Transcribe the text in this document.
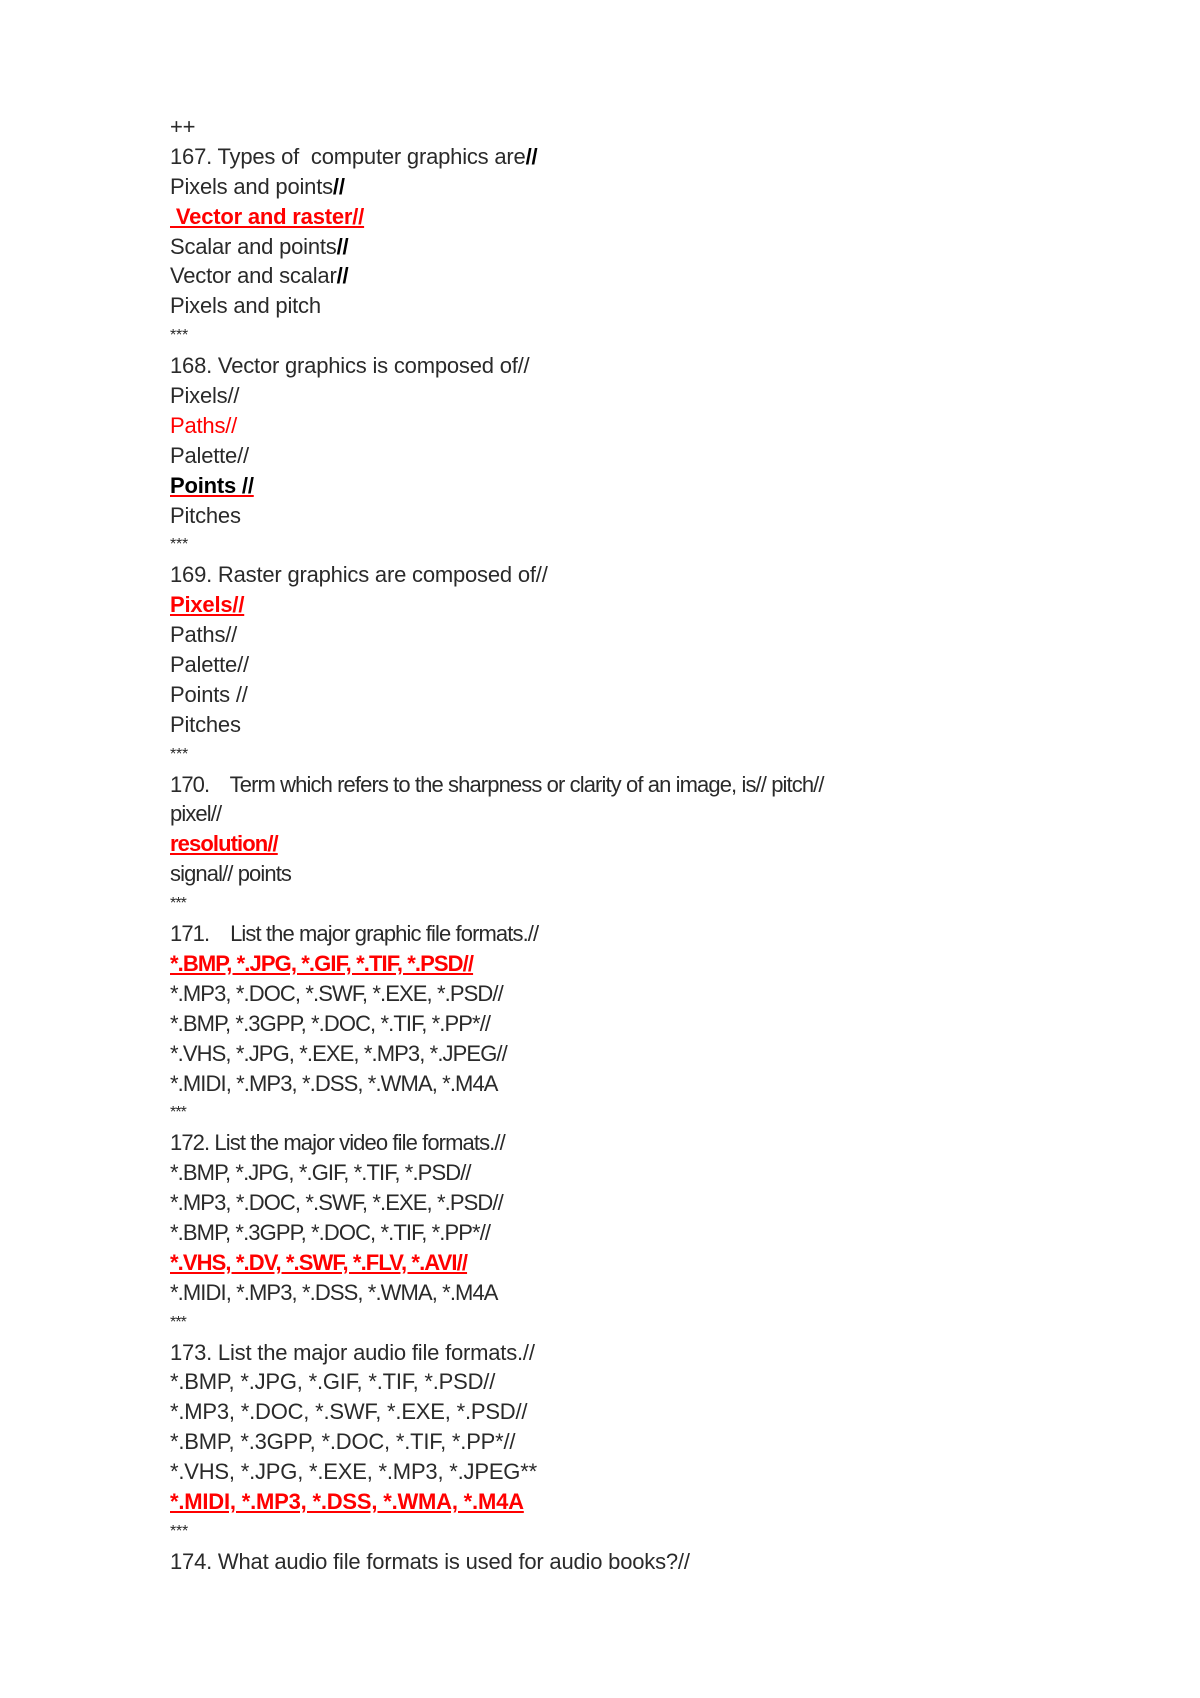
++
167. Types of  computer graphics are//
Pixels and points//
Vector and raster//
Scalar and points//
Vector and scalar//
Pixels and pitch
***
168. Vector graphics is composed of//
Pixels//
Paths//
Palette//
Points //
Pitches
***
169. Raster graphics are composed of//
Pixels//
Paths//
Palette//
Points //
Pitches
***
170.    Term which refers to the sharpness or clarity of an image, is// pitch//
pixel//
resolution//
signal// points
***
171.    List the major graphic file formats.//
*.BMP, *.JPG, *.GIF, *.TIF, *.PSD//
*.MP3, *.DOC, *.SWF, *.EXE, *.PSD//
*.BMP, *.3GPP, *.DOC, *.TIF, *.PP*//
*.VHS, *.JPG, *.EXE, *.MP3, *.JPEG//
*.MIDI, *.MP3, *.DSS, *.WMA, *.M4A
***
172. List the major video file formats.//
*.BMP, *.JPG, *.GIF, *.TIF, *.PSD//
*.MP3, *.DOC, *.SWF, *.EXE, *.PSD//
*.BMP, *.3GPP, *.DOC, *.TIF, *.PP*//
*.VHS, *.DV, *.SWF, *.FLV, *.AVI//
*.MIDI, *.MP3, *.DSS, *.WMA, *.M4A
***
173. List the major audio file formats.//
*.BMP, *.JPG, *.GIF, *.TIF, *.PSD//
*.MP3, *.DOC, *.SWF, *.EXE, *.PSD//
*.BMP, *.3GPP, *.DOC, *.TIF, *.PP*//
*.VHS, *.JPG, *.EXE, *.MP3, *.JPEG**
*.MIDI, *.MP3, *.DSS, *.WMA, *.M4A
***
174. What audio file formats is used for audio books?//
